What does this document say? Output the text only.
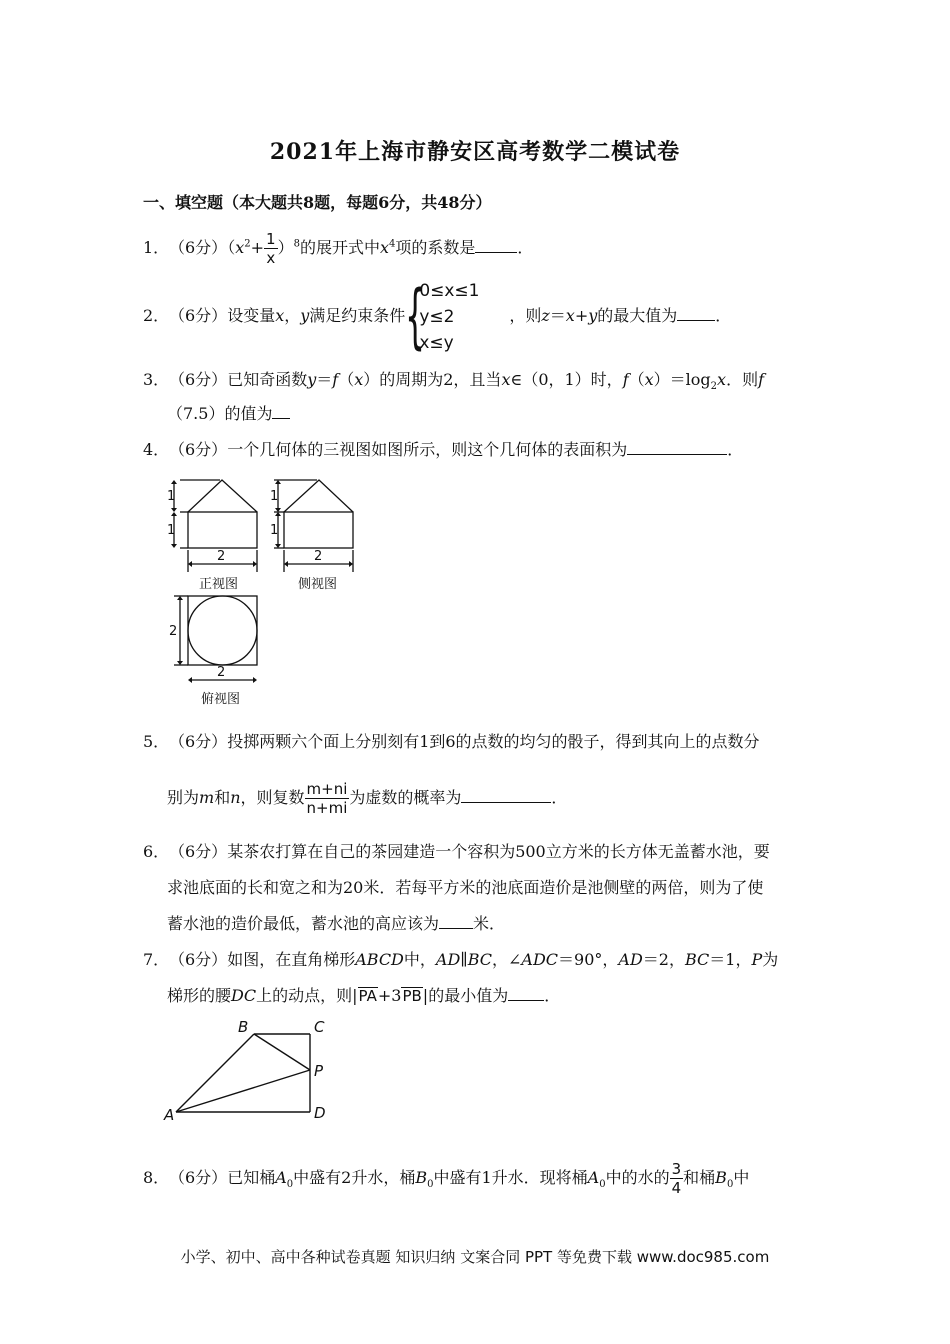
2021年上海市静安区高考数学二模试卷
一、填空题（本大题共8题，每题6分，共48分）
1．（6分）$(x^2+ \frac{1}{x} )^8$的展开式中$x^4$项的系数是	．
2．（6分）设变量x，y满足约束条件 {
0≤x≤1
y≤2
x≤y
，则z＝x+y的最大值为 ．
3．（6分）已知奇函数y＝f（x）的周期为2，且当x∈（0，1）时，$f(x)=\log_2x$．则f
（7.5）的值为
4．（6分）一个几何体的三视图如图所示，则这个几何体的表面积为	．
1
1
2
正视图
1
1
2
侧视图
2
2
俯视图
5．（6分）投掷两颗六个面上分别刻有1到6的点数的均匀的骰子，得到其向上的点数分
别为m和n，则复数 $\frac{m+ni}{n+mi}$ 为虚数的概率为	．
6．（6分）某茶农打算在自己的茶园建造一个容积为500立方米的长方体无盖蓄水池，要
求池底面的长和宽之和为20米．若每平方米的池底面造价是池侧壁的两倍，则为了使
蓄水池的造价最低，蓄水池的高应该为 米．
7．（6分）如图，在直角梯形ABCD中，AD∥BC，∠ADC＝90°，AD＝2，BC＝1，P为
梯形的腰DC上的动点，则|PA+3PB|的最小值为 ．
A
B	C
D
P
8．（6分）已知桶$A_0$中盛有2升水，桶$B_0$中盛有1升水．现将桶$A_0$中的水的 $\frac{3}{4}$ 和桶$B_0$中
小学、初中、高中各种试卷真题 知识归纳 文案合同 PPT 等免费下载 www.doc985.com
